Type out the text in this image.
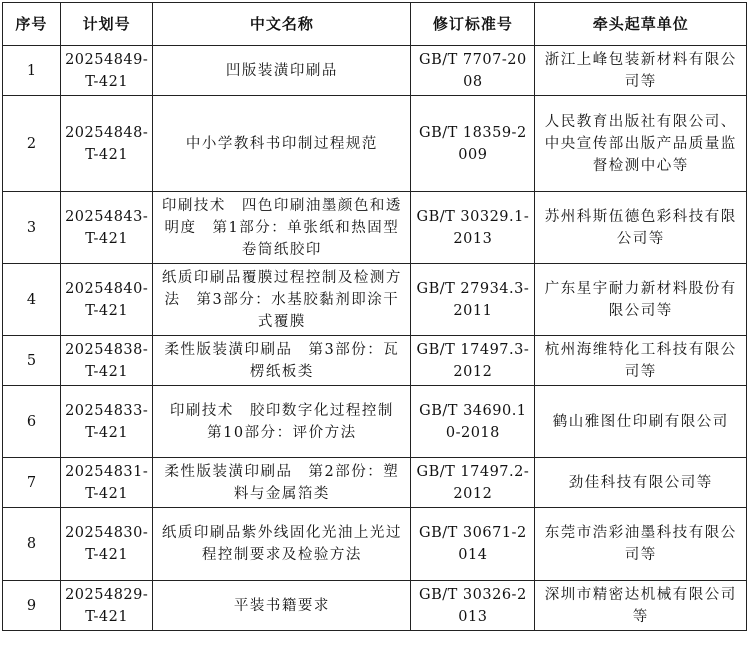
序号	计划号	中文名称	修订标准号	牵头起草单位
1	20254849-T-421	凹版装潢印刷品	GB/T 7707-2008	浙江上峰包装新材料有限公司等
2	20254848-T-421	中小学教科书印制过程规范	GB/T 18359-2009	人民教育出版社有限公司、中央宣传部出版产品质量监督检测中心等
3	20254843-T-421	印刷技术　四色印刷油墨颜色和透明度　第1部分：单张纸和热固型卷筒纸胶印	GB/T 30329.1-2013	苏州科斯伍德色彩科技有限公司等
4	20254840-T-421	纸质印刷品覆膜过程控制及检测方法　第3部分：水基胶黏剂即涂干式覆膜	GB/T 27934.3-2011	广东星宇耐力新材料股份有限公司等
5	20254838-T-421	柔性版装潢印刷品　第3部份：瓦楞纸板类	GB/T 17497.3-2012	杭州海维特化工科技有限公司等
6	20254833-T-421	印刷技术　胶印数字化过程控制　第10部分：评价方法	GB/T 34690.10-2018	鹤山雅图仕印刷有限公司
7	20254831-T-421	柔性版装潢印刷品　第2部份：塑料与金属箔类	GB/T 17497.2-2012	劲佳科技有限公司等
8	20254830-T-421	纸质印刷品紫外线固化光油上光过程控制要求及检验方法	GB/T 30671-2014	东莞市浩彩油墨科技有限公司等
9	20254829-T-421	平装书籍要求	GB/T 30326-2013	深圳市精密达机械有限公司等
